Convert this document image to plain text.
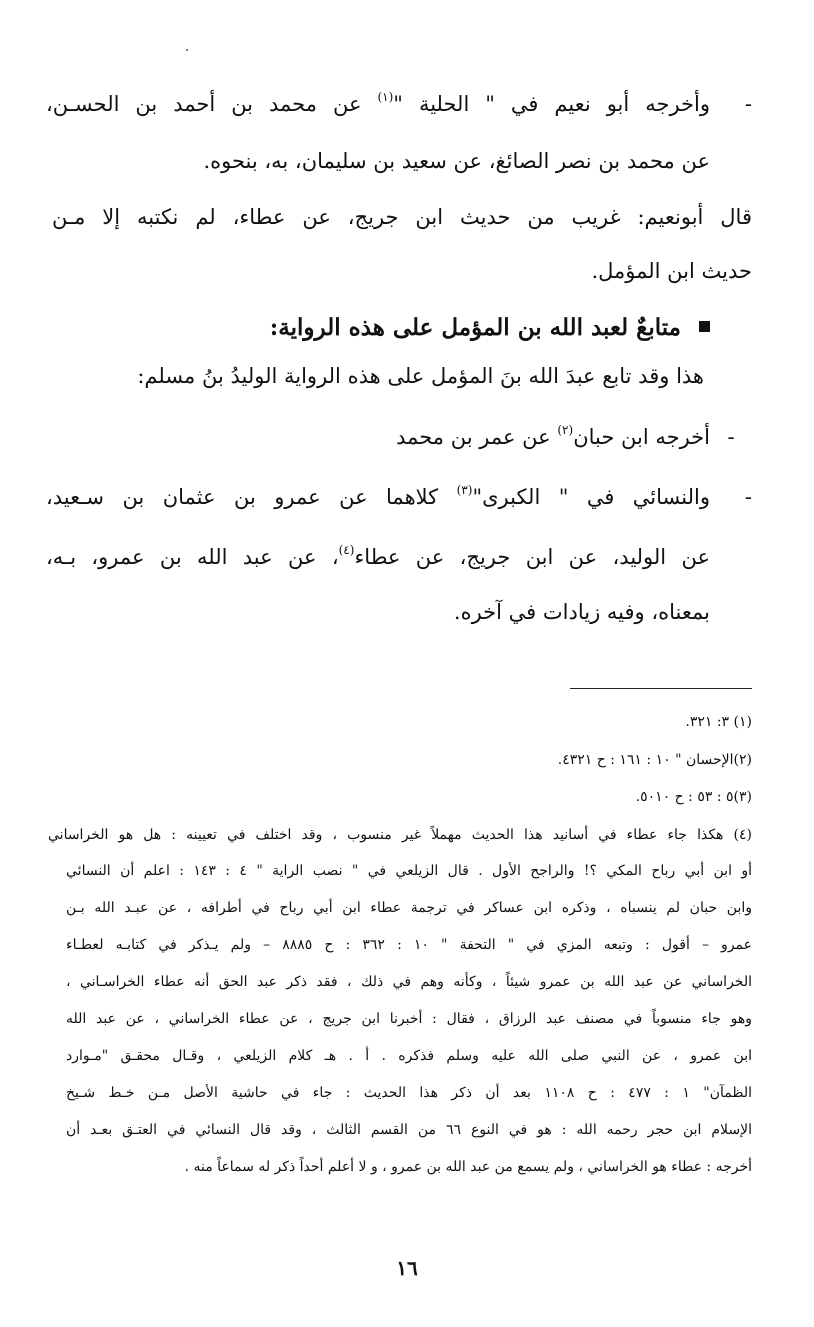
-وأخرجه أبو نعيم في " الحلية "$^{(١)}$ عن محمد بن أحمد بن الحسـن،
عن محمد بن نصر الصائغ، عن سعيد بن سليمان، به، بنحوه.
قال أبونعيم: غريب من حديث ابن جريج، عن عطاء، لم نكتبه إلا مـن
حديث ابن المؤمل.
متابعٌ لعبد الله بن المؤمل على هذه الرواية:
هذا وقد تابع عبدَ الله بنَ المؤمل على هذه الرواية الوليدُ بنُ مسلم:
-أخرجه ابن حبان$^{(٢)}$ عن عمر بن محمد
-والنسائي في " الكبرى"$^{(٣)}$ كلاهما عن عمرو بن عثمان بن سـعيد،
عن الوليد، عن ابن جريج، عن عطاء$^{(٤)}$، عن عبد الله بن عمرو، بـه،
بمعناه، وفيه زيادات في آخره.
(١) ٣: ٣٢١.
(٢)الإحسان " ١٠ : ١٦١ : ح ٤٣٢١.
(٣)٥ : ٥٣ : ح ٥٠١٠.
(٤) هكذا جاء عطاء في أسانيد هذا الحديث مهملاً غير منسوب ، وقد اختلف في تعيينه : هل هو الخراساني
أو ابن أبي رباح المكي ؟! والراجح الأول . قال الزيلعي في " نصب الراية " ٤ : ١٤٣ : اعلم أن النسائي
وابن حبان لم ينسباه ، وذكره ابن عساكر في ترجمة عطاء ابن أبي رباح في أطرافه ، عن عبـد الله بـن
عمرو – أقول : وتبعه المزي في " التحفة " ١٠ : ٣٦٢ : ح ٨٨٨٥ – ولم يـذكر في كتابـه لعطـاء
الخراساني عن عبد الله بن عمرو شيئاً ، وكأنه وهم في ذلك ، فقد ذكر عبد الحق أنه عطاء الخراسـاني ،
وهو جاء منسوباً في مصنف عبد الرزاق ، فقال : أخبرنا ابن جريج ، عن عطاء الخراساني ، عن عبد الله
ابن عمرو ، عن النبي صلى الله عليه وسلم فذكره . أ . هـ كلام الزيلعي ، وقـال محقـق "مـوارد
الظمآن" ١ : ٤٧٧ : ح ١١٠٨ بعد أن ذكر هذا الحديث : جاء في حاشية الأصل مـن خـط شـيخ
الإسلام ابن حجر رحمه الله : هو في النوع ٦٦ من القسم الثالث ، وقد قال النسائي في العتـق بعـد أن
أخرجه : عطاء هو الخراساني ، ولم يسمع من عبد الله بن عمرو ، و لا أعلم أحداً ذكر له سماعاً منه .
١٦
